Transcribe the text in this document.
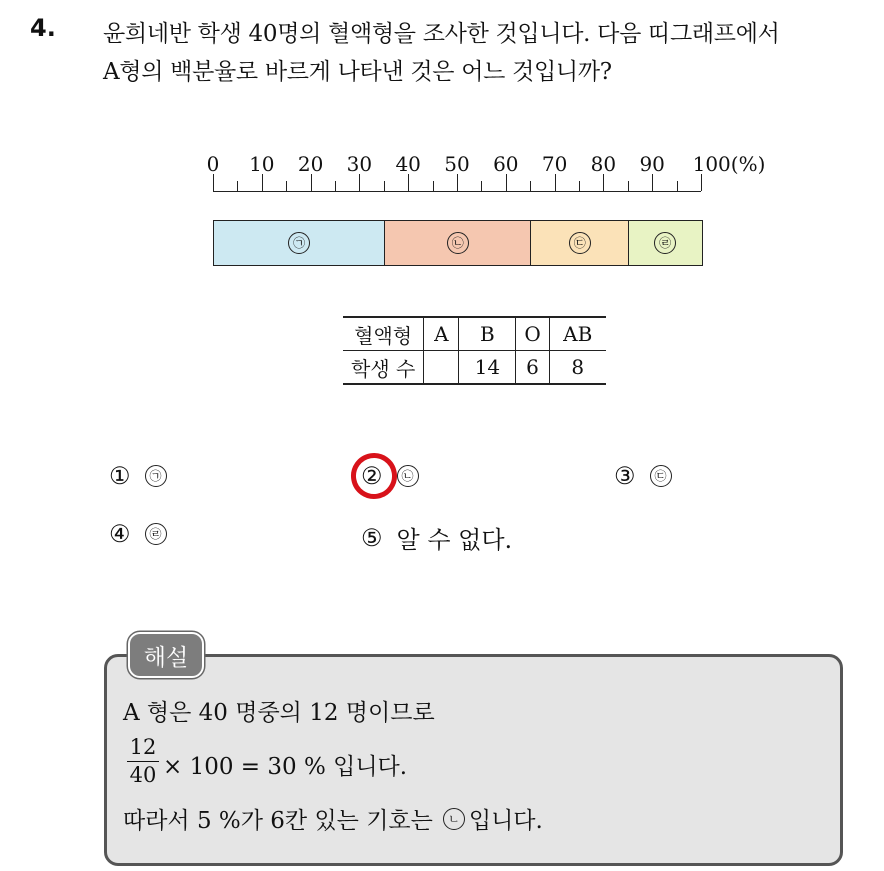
4. 윤희네반 학생 40명의 혈액형을 조사한 것입니다. 다음 띠그래프에서
A형의 백분율로 바르게 나타낸 것은 어느 것입니까?
0 10 20 30 40 50 60 70 80 90 100(%)
㉠	㉡	㉢	㉣
혈액형	A	B	O	AB
학생 수		14	6	8
①	㉠	②	㉡	③	㉢
④	㉣	⑤ 알 수 없다.
해설
A 형은 40 명중의 12 명이므로
12
40 × 100 = 30 % 입니다.
따라서 5 %가 6칸 있는 기호는	ㄴ 입니다.
